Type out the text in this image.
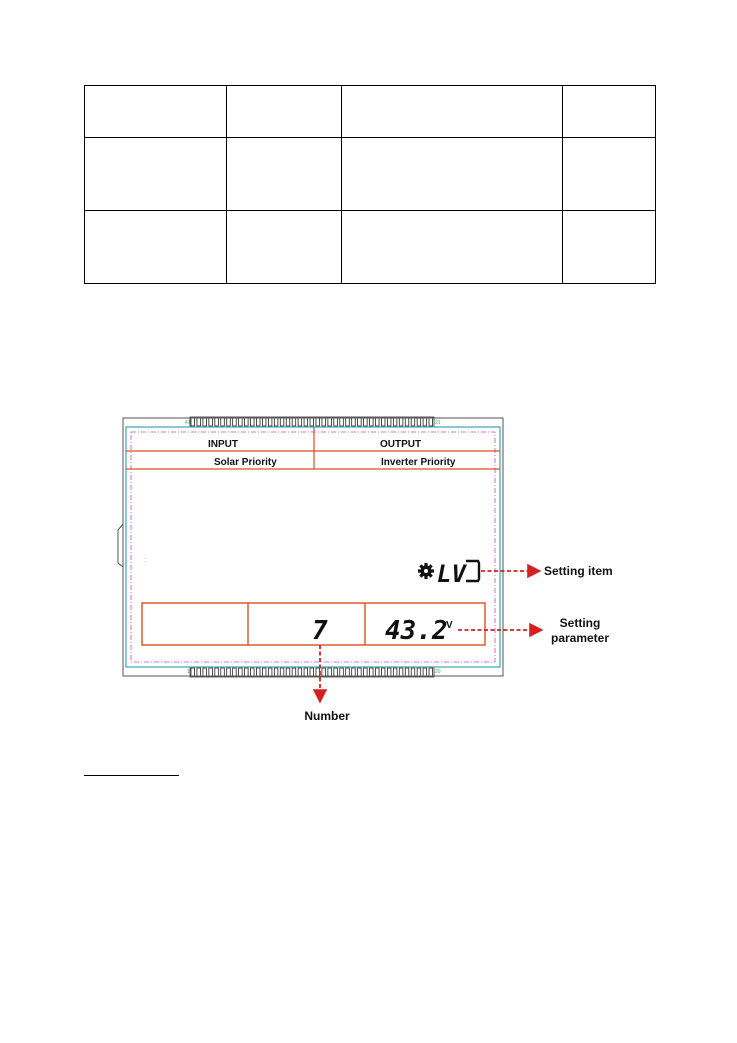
41	21
1	20
:
INPUT	OUTPUT
Solar Priority	Inverter Priority
LV
7 43.2
V
Setting item
Setting
parameter
Number
